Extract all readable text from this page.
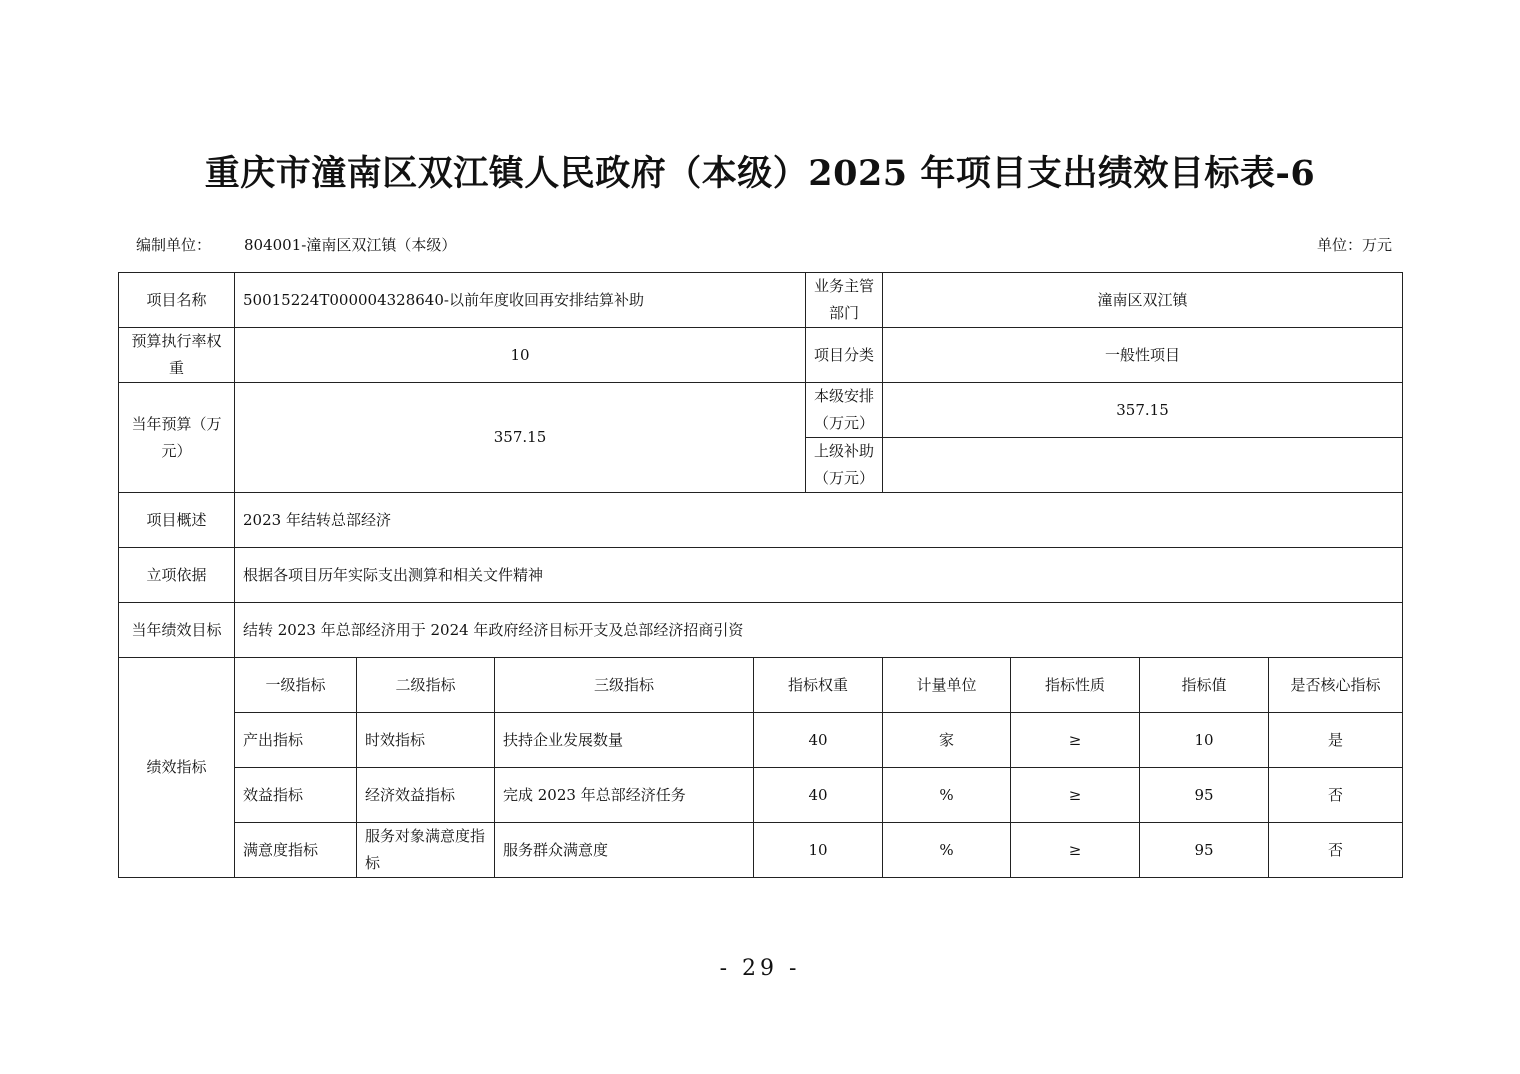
重庆市潼南区双江镇人民政府（本级）2025 年项目支出绩效目标表-6
编制单位： 804001-潼南区双江镇（本级）	单位：万元
项目名称	50015224T000004328640-以前年度收回再安排结算补助				业务主管部门	潼南区双江镇			
预算执行率权重	10				项目分类	一般性项目			
当年预算（万元）	357.15				本级安排（万元）	357.15			
					上级补助（万元）				
项目概述	2023 年结转总部经济								
立项依据	根据各项目历年实际支出测算和相关文件精神								
当年绩效目标	结转 2023 年总部经济用于 2024 年政府经济目标开支及总部经济招商引资								
绩效指标	一级指标	二级指标	三级指标	指标权重		计量单位	指标性质	指标值	是否核心指标
	产出指标	时效指标	扶持企业发展数量	40		家	≥	10	是
	效益指标	经济效益指标	完成 2023 年总部经济任务	40		%	≥	95	否
	满意度指标	服务对象满意度指标	服务群众满意度	10		%	≥	95	否
- 29 -
